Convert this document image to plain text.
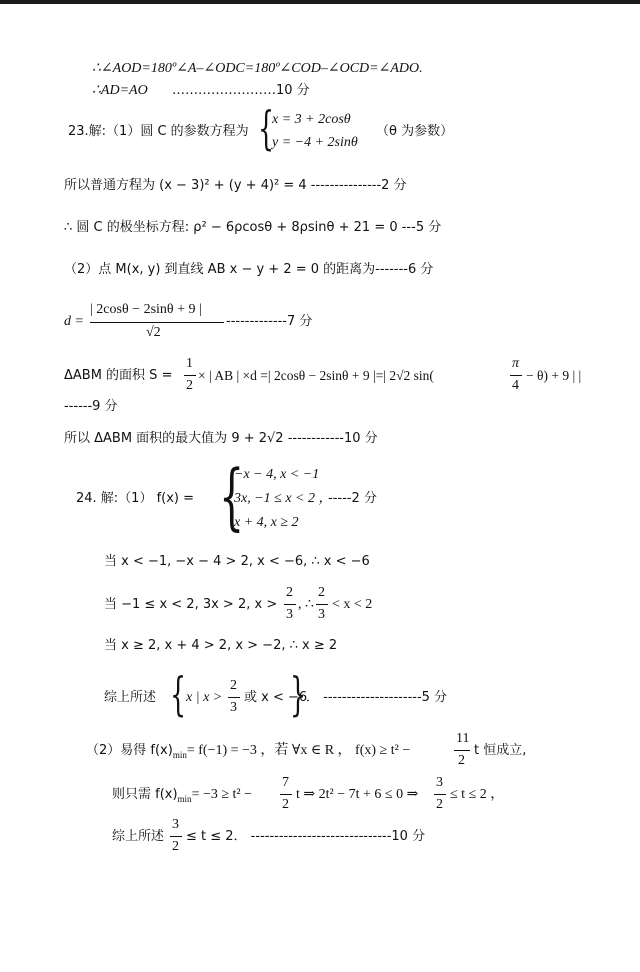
∴∠AOD=180º∠A–∠ODC=180º∠COD–∠OCD=∠ADO.
∴AD=AO ……………………10 分
23.解:（1）圆 C 的参数方程为 {
x = 3 + 2cosθ
y = −4 + 2sinθ
（θ 为参数）
所以普通方程为 (x − 3)² + (y + 4)² = 4 ---------------2 分
∴ 圆 C 的极坐标方程: ρ² − 6ρcosθ + 8ρsinθ + 21 = 0 ---5 分
（2）点 M(x, y) 到直线 AB x − y + 2 = 0 的距离为-------6 分
d =
| 2cosθ − 2sinθ + 9 |
√2
-------------7 分
ΔABM 的面积 S =
1
2
× | AB | ×d =| 2cosθ − 2sinθ + 9 |=| 2√2 sin(
π
4
− θ) + 9 | |
------9 分
所以 ΔABM 面积的最大值为 9 + 2√2 ------------10 分
24. 解:（1） f(x) = {
−x − 4, x < −1
3x, −1 ≤ x < 2 ，
-----2 分
x + 4, x ≥ 2
当 x < −1, −x − 4 > 2, x < −6, ∴ x < −6
当 −1 ≤ x < 2, 3x > 2, x >
2
3
, ∴
2
3
< x < 2
当 x ≥ 2, x + 4 > 2, x > −2, ∴ x ≥ 2
综上所述 { x | x >
2
3
或 x < −6
} ． ---------------------5 分
（2）易得 $f(x)_{min}= f(-1) = -3$ ，若 ∀x ∈ R ， f(x) ≥ t² −
11
2
t 恒成立,
则只需 $f(x)_{min}= -3 \ge t^2$ −
7
2
t ⇒ 2t² − 7t + 6 ≤ 0 ⇒
3
2
≤ t ≤ 2 ，
综上所述
3
2
≤ t ≤ 2． ------------------------------10 分
